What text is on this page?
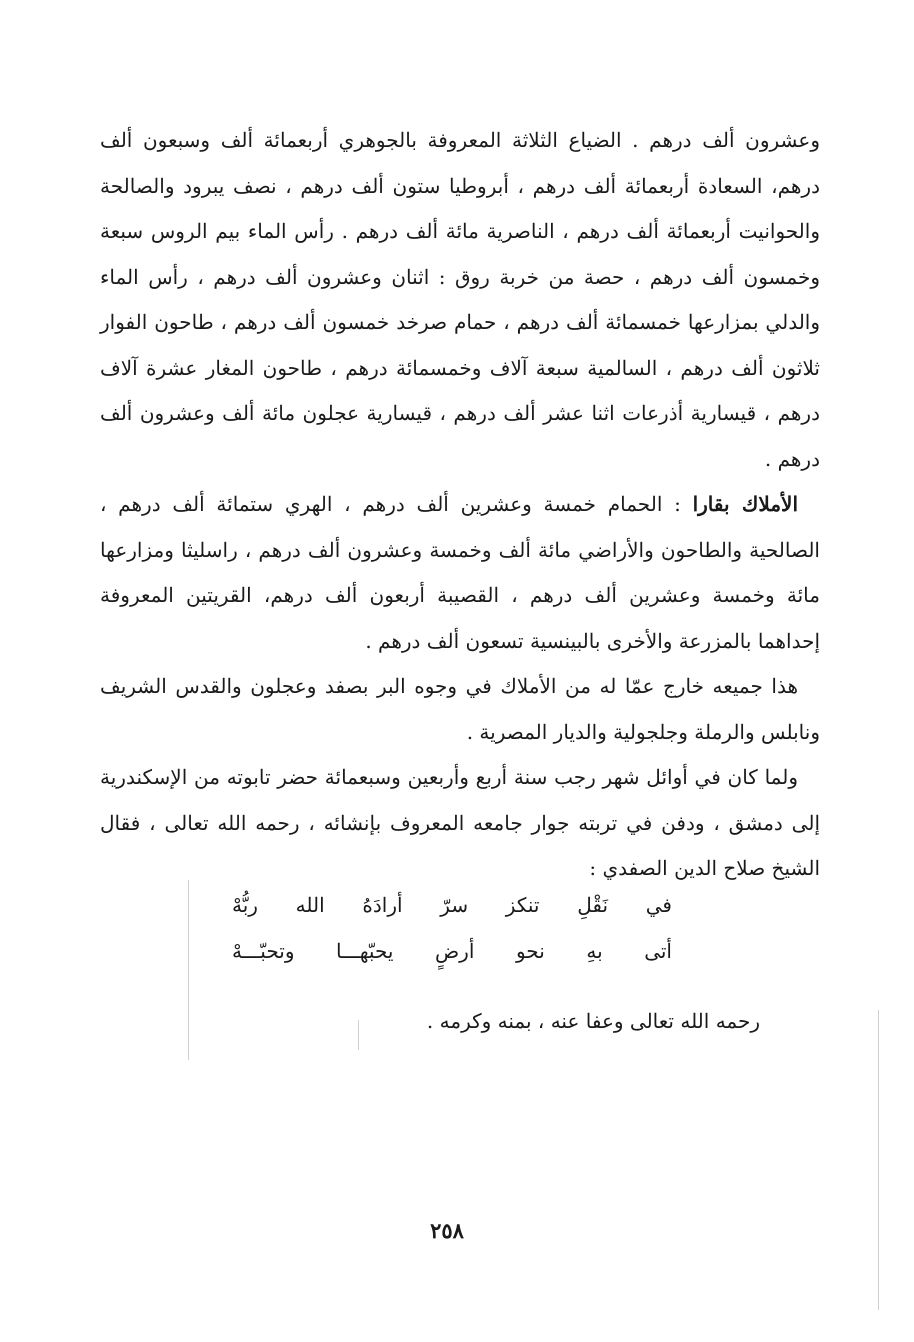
وعشرون ألف درهم . الضياع الثلاثة المعروفة بالجوهري أربعمائة ألف وسبعون ألف درهم، السعادة أربعمائة ألف درهم ، أبروطيا ستون ألف درهم ، نصف يبرود والصالحة والحوانيت أربعمائة ألف درهم ، الناصرية مائة ألف درهم . رأس الماء بيم الروس سبعة وخمسون ألف درهم ، حصة من خربة روق : اثنان وعشرون ألف درهم ، رأس الماء والدلي بمزارعها خمسمائة ألف درهم ، حمام صرخد خمسون ألف درهم ، طاحون الفوار ثلاثون ألف درهم ، السالمية سبعة آلاف وخمسمائة درهم ، طاحون المغار عشرة آلاف درهم ، قيسارية أذرعات اثنا عشر ألف درهم ، قيسارية عجلون مائة ألف وعشرون ألف درهم .

الأملاك بقارا : الحمام خمسة وعشرين ألف درهم ، الهري ستمائة ألف درهم ، الصالحية والطاحون والأراضي مائة ألف وخمسة وعشرون ألف درهم ، راسليثا ومزارعها مائة وخمسة وعشرين ألف درهم ، القصيبة أربعون ألف درهم، القريتين المعروفة إحداهما بالمزرعة والأخرى بالبينسية تسعون ألف درهم .

هذا جميعه خارج عمّا له من الأملاك في وجوه البر بصفد وعجلون والقدس الشريف ونابلس والرملة وجلجولية والديار المصرية .

ولما كان في أوائل شهر رجب سنة أربع وأربعين وسبعمائة حضر تابوته من الإسكندرية إلى دمشق ، ودفن في تربته جوار جامعه المعروف بإنشائه ، رحمه الله تعالى ، فقال الشيخ صلاح الدين الصفدي :

في نَقْلِ تنكز سرّ أرادَهُ الله ربُّهْ

أتى بهِ نحو أرضٍ يحبّهـــا وتحبّـــهْ

رحمه الله تعالى وعفا عنه ، بمنه وكرمه .

٢٥٨
